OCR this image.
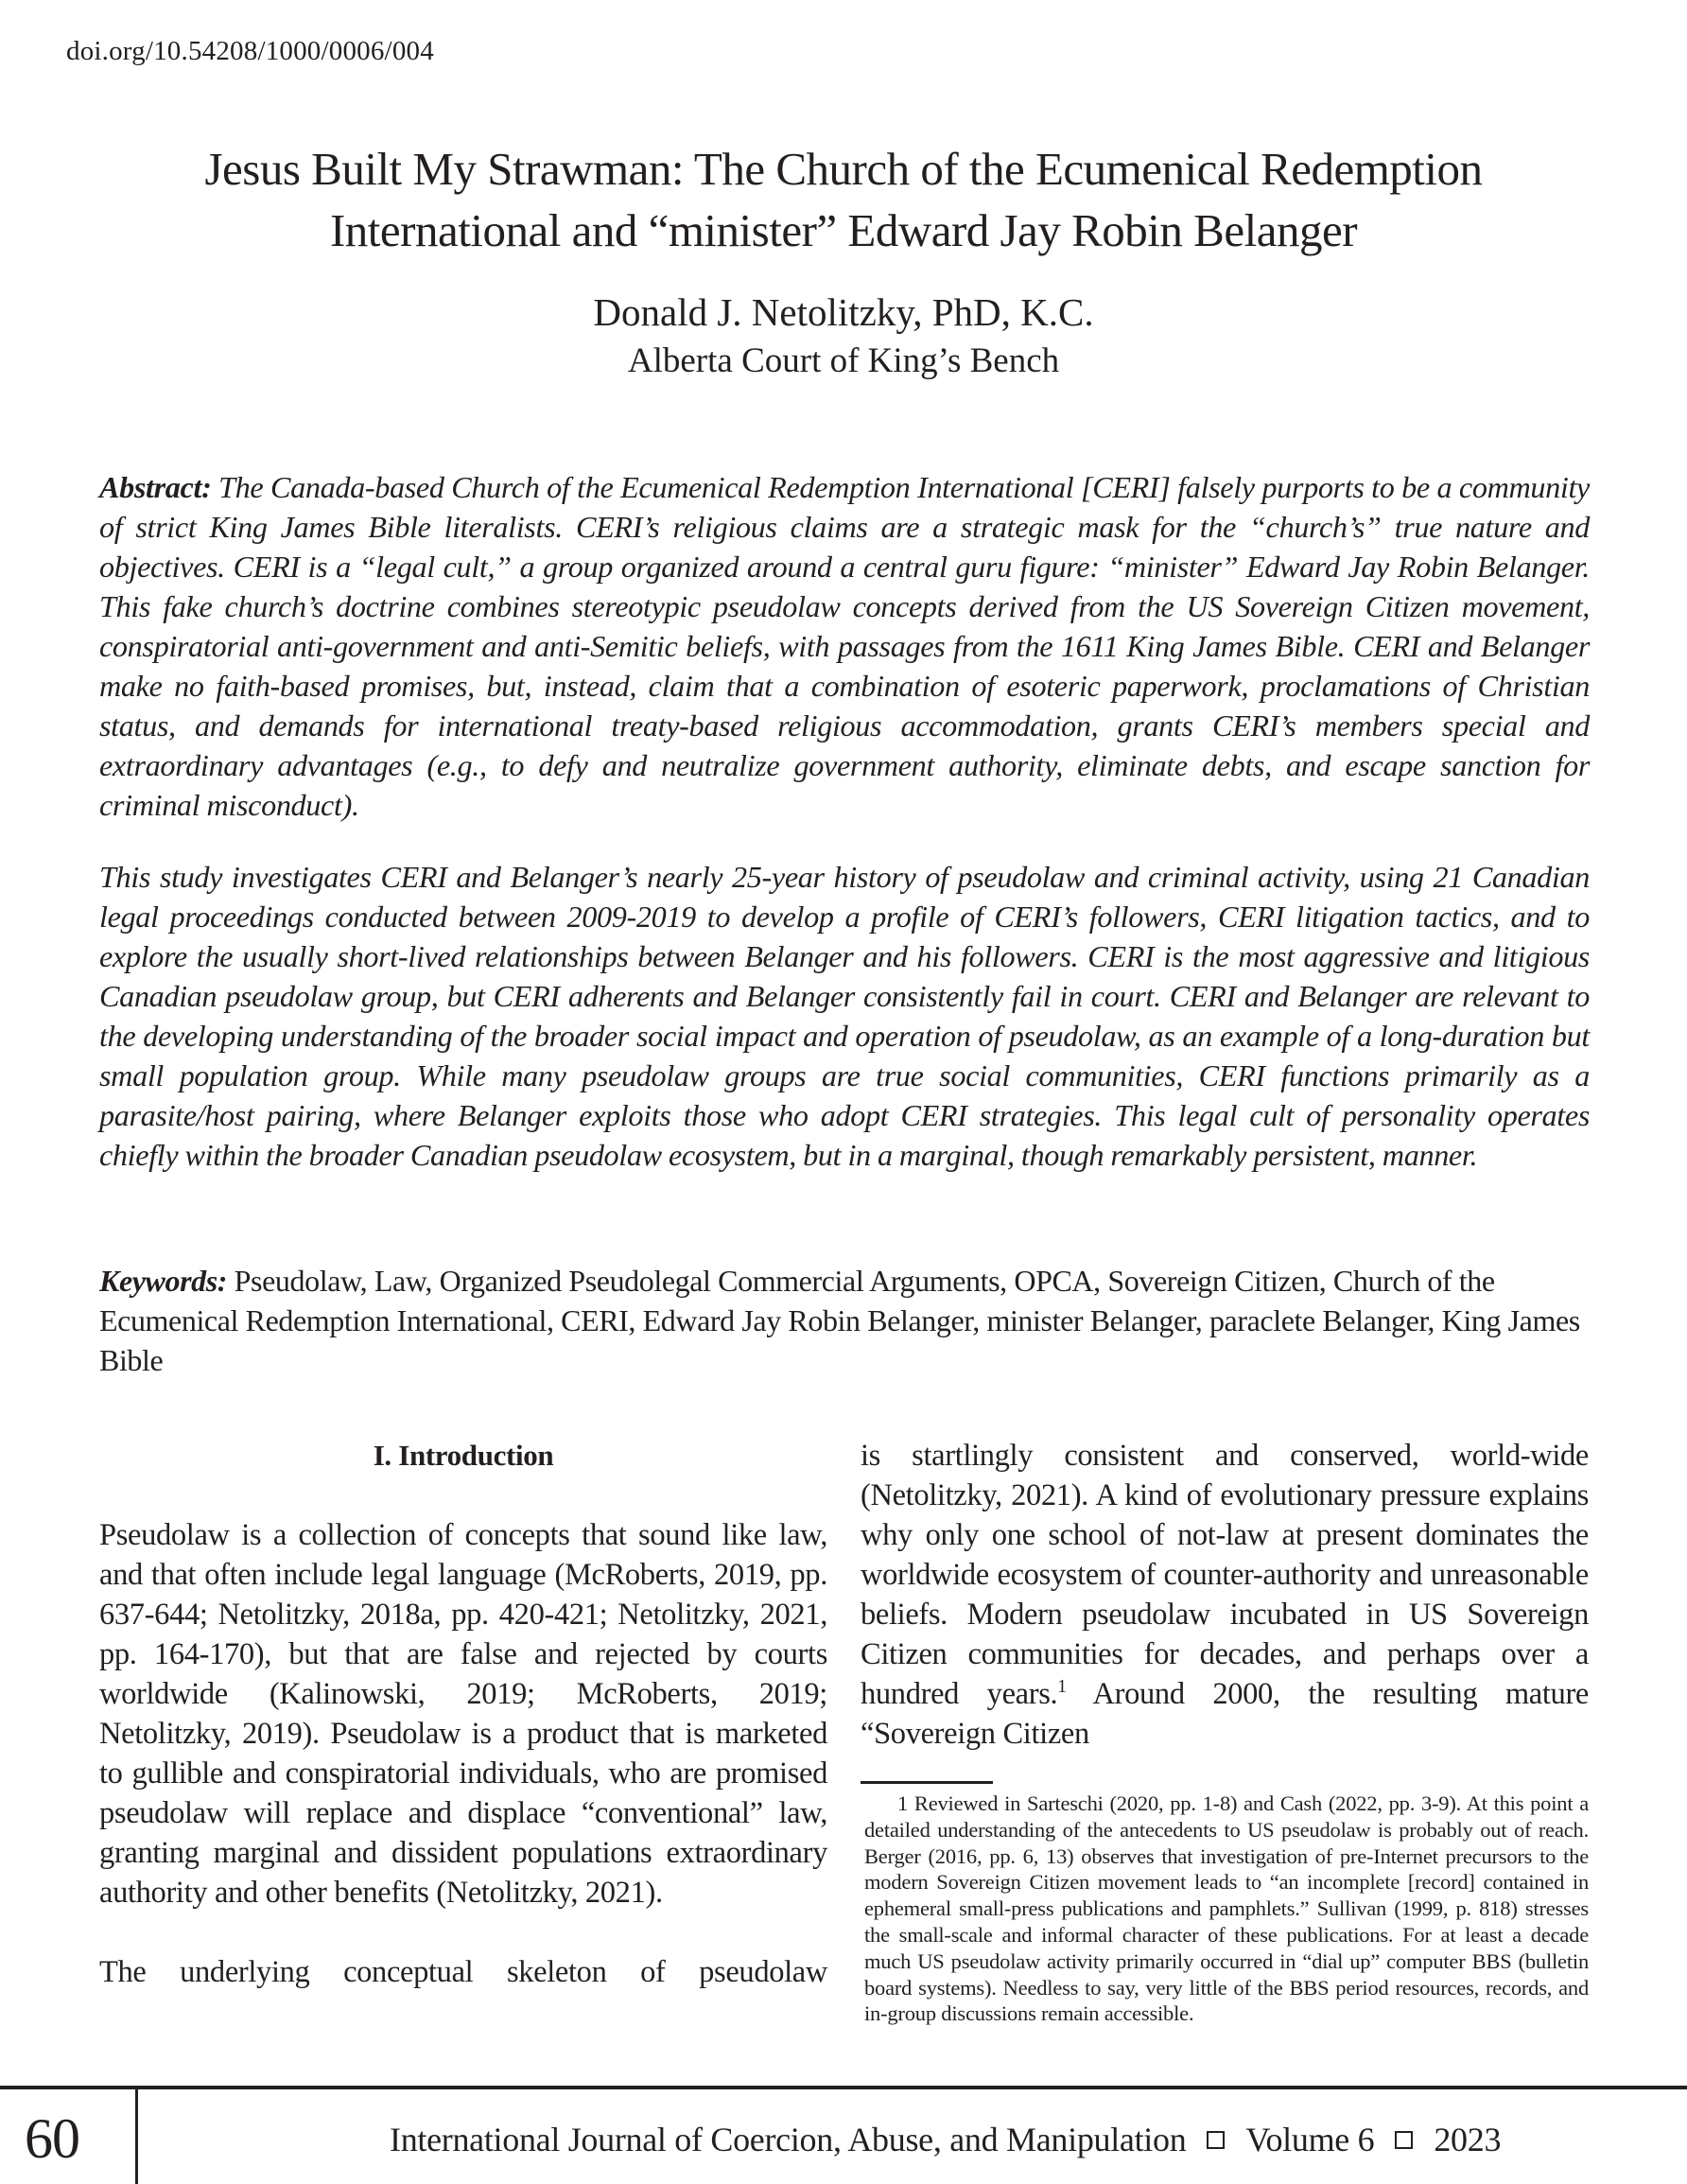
doi.org/10.54208/1000/0006/004
Jesus Built My Strawman: The Church of the Ecumenical Redemption
International and “minister” Edward Jay Robin Belanger
Donald J. Netolitzky, PhD, K.C.
Alberta Court of King’s Bench

Abstract: The Canada-based Church of the Ecumenical Redemption International [CERI] falsely purports to be a community of strict King James Bible literalists. CERI’s religious claims are a strategic mask for the “church’s” true nature and objectives. CERI is a “legal cult,” a group organized around a central guru figure: “minister” Edward Jay Robin Belanger. This fake church’s doctrine combines stereotypic pseudolaw concepts derived from the US Sovereign Citizen movement, conspiratorial anti-government and anti-Semitic beliefs, with passages from the 1611 King James Bible. CERI and Belanger make no faith-based promises, but, instead, claim that a combination of esoteric paperwork, proclamations of Christian status, and demands for international treaty-based religious accommodation, grants CERI’s members special and extraordinary advantages (e.g., to defy and neutralize government authority, eliminate debts, and escape sanction for criminal misconduct).

This study investigates CERI and Belanger’s nearly 25-year history of pseudolaw and criminal activity, using 21 Canadian legal proceedings conducted between 2009-2019 to develop a profile of CERI’s followers, CERI litigation tactics, and to explore the usually short-lived relationships between Belanger and his followers. CERI is the most aggressive and litigious Canadian pseudolaw group, but CERI adherents and Belanger consistently fail in court. CERI and Belanger are relevant to the developing understanding of the broader social impact and operation of pseudolaw, as an example of a long-duration but small population group. While many pseudolaw groups are true social communities, CERI functions primarily as a parasite/host pairing, where Belanger exploits those who adopt CERI strategies. This legal cult of personality operates chiefly within the broader Canadian pseudolaw ecosystem, but in a marginal, though remarkably persistent, manner.

Keywords: Pseudolaw, Law, Organized Pseudolegal Commercial Arguments, OPCA, Sovereign Citizen, Church of the Ecumenical Redemption International, CERI, Edward Jay Robin Belanger, minister Belanger, paraclete Belanger, King James Bible

I. Introduction

Pseudolaw is a collection of concepts that sound like law, and that often include legal language (McRoberts, 2019, pp. 637-644; Netolitzky, 2018a, pp. 420-421; Netolitzky, 2021, pp. 164-170), but that are false and rejected by courts worldwide (Kalinowski, 2019; McRoberts, 2019; Netolitzky, 2019). Pseudolaw is a product that is marketed to gullible and conspiratorial individuals, who are promised pseudolaw will replace and displace “conventional” law, granting marginal and dissident populations extraordinary authority and other benefits (Netolitzky, 2021).

The underlying conceptual skeleton of pseudolaw

is startlingly consistent and conserved, world-wide (Netolitzky, 2021). A kind of evolutionary pressure explains why only one school of not-law at present dominates the worldwide ecosystem of counter-authority and unreasonable beliefs. Modern pseudolaw incubated in US Sovereign Citizen communities for decades, and perhaps over a hundred years.$^1$ Around 2000, the resulting mature “Sovereign Citizen

1 Reviewed in Sarteschi (2020, pp. 1-8) and Cash (2022, pp. 3-9). At this point a detailed understanding of the antecedents to US pseudolaw is probably out of reach. Berger (2016, pp. 6, 13) observes that investigation of pre-Internet precursors to the modern Sovereign Citizen movement leads to “an incomplete [record] contained in ephemeral small-press publications and pamphlets.” Sullivan (1999, p. 818) stresses the small-scale and informal character of these publications. For at least a decade much US pseudolaw activity primarily occurred in “dial up” computer BBS (bulletin board systems). Needless to say, very little of the BBS period resources, records, and in-group discussions remain accessible.
60	International Journal of Coercion, Abuse, and Manipulation Volume 6 2023
